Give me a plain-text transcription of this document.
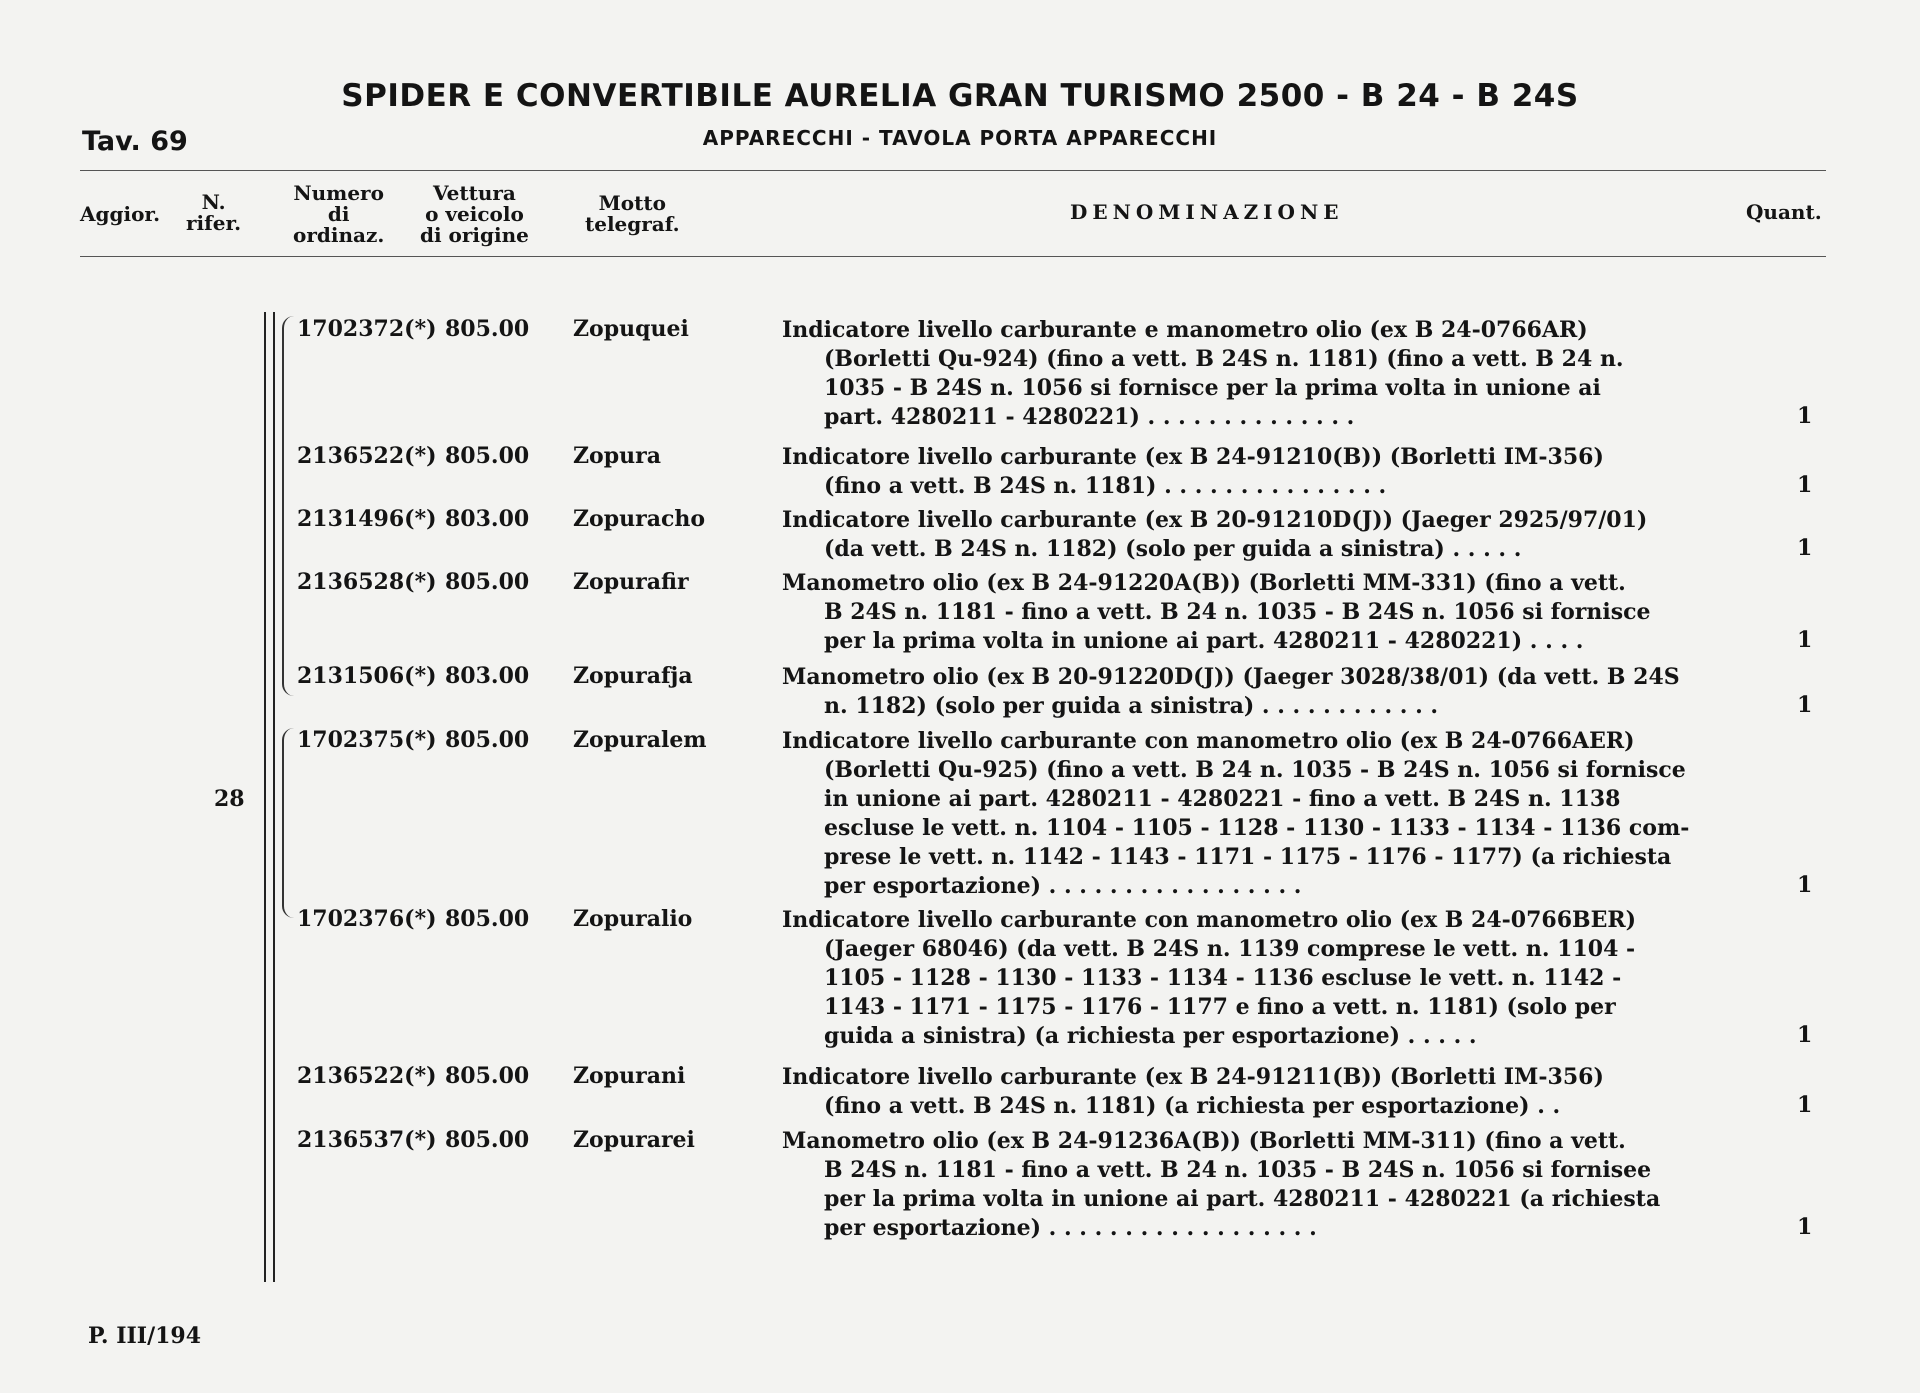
SPIDER E CONVERTIBILE AURELIA GRAN TURISMO 2500 - B 24 - B 24S
APPARECCHI - TAVOLA PORTA APPARECCHI
Tav. 69
Aggior.	N.
rifer.
Numero
di
ordinaz.
Vettura
o veicolo
di origine
Motto
telegraf.	DENOMINAZIONE	Quant.
28
1702372(*) 805.00 Zopuquei	Indicatore livello carburante e manometro olio (ex B 24-0766AR)
(Borletti Qu-924) (fino a vett. B 24S n. 1181) (fino a vett. B 24 n.
1035 - B 24S n. 1056 si fornisce per la prima volta in unione ai
part. 4280211 - 4280221) . . . . . . . . . . . . . .	1
2136522(*) 805.00 Zopura	Indicatore livello carburante (ex B 24-91210(B)) (Borletti IM-356)
(fino a vett. B 24S n. 1181) . . . . . . . . . . . . . . .	1
2131496(*) 803.00 Zopuracho	Indicatore livello carburante (ex B 20-91210D(J)) (Jaeger 2925/97/01)
(da vett. B 24S n. 1182) (solo per guida a sinistra) . . . . .	1
2136528(*) 805.00 Zopurafir	Manometro olio (ex B 24-91220A(B)) (Borletti MM-331) (fino a vett.
B 24S n. 1181 - fino a vett. B 24 n. 1035 - B 24S n. 1056 si fornisce
per la prima volta in unione ai part. 4280211 - 4280221) . . . .	1
2131506(*) 803.00 Zopurafja	Manometro olio (ex B 20-91220D(J)) (Jaeger 3028/38/01) (da vett. B 24S
n. 1182) (solo per guida a sinistra) . . . . . . . . . . . .	1
1702375(*) 805.00 Zopuralem	Indicatore livello carburante con manometro olio (ex B 24-0766AER)
(Borletti Qu-925) (fino a vett. B 24 n. 1035 - B 24S n. 1056 si fornisce
in unione ai part. 4280211 - 4280221 - fino a vett. B 24S n. 1138
escluse le vett. n. 1104 - 1105 - 1128 - 1130 - 1133 - 1134 - 1136 com-
prese le vett. n. 1142 - 1143 - 1171 - 1175 - 1176 - 1177) (a richiesta
per esportazione) . . . . . . . . . . . . . . . . .	1
1702376(*) 805.00 Zopuralio	Indicatore livello carburante con manometro olio (ex B 24-0766BER)
(Jaeger 68046) (da vett. B 24S n. 1139 comprese le vett. n. 1104 -
1105 - 1128 - 1130 - 1133 - 1134 - 1136 escluse le vett. n. 1142 -
1143 - 1171 - 1175 - 1176 - 1177 e fino a vett. n. 1181) (solo per
guida a sinistra) (a richiesta per esportazione) . . . . .	1
2136522(*) 805.00 Zopurani	Indicatore livello carburante (ex B 24-91211(B)) (Borletti IM-356)
(fino a vett. B 24S n. 1181) (a richiesta per esportazione) . .	1
2136537(*) 805.00 Zopurarei	Manometro olio (ex B 24-91236A(B)) (Borletti MM-311) (fino a vett.
B 24S n. 1181 - fino a vett. B 24 n. 1035 - B 24S n. 1056 si fornisee
per la prima volta in unione ai part. 4280211 - 4280221 (a richiesta
per esportazione) . . . . . . . . . . . . . . . . . .	1
P. III/194
